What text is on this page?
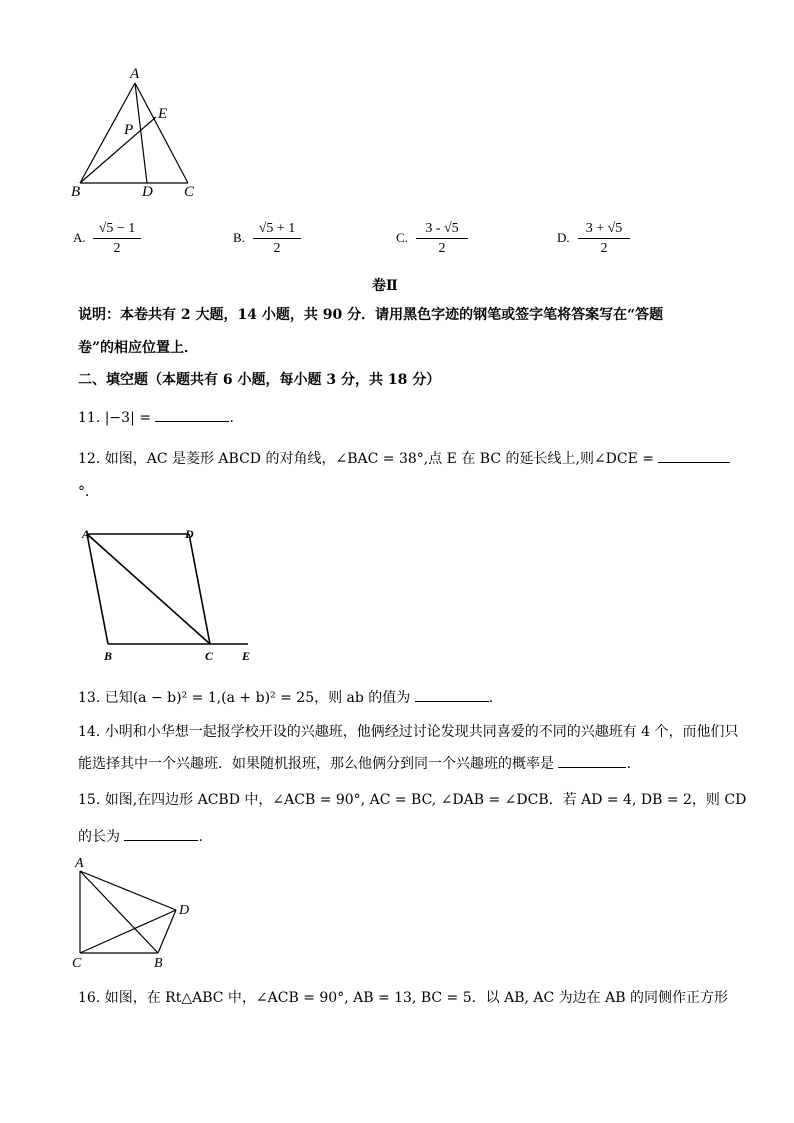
A
B	C
D
E
P
A. $\frac{√5 - 1}{2}$	B. $\frac{√5 + 1}{2}$	C. $\frac{3 - √5}{2}$	D. $\frac{3 + √5}{2}$
卷Ⅱ
说明：本卷共有 2 大题，14 小题，共 90 分．请用黑色字迹的钢笔或签字笔将答案写在“答题
卷”的相应位置上．
二、填空题（本题共有 6 小题，每小题 3 分，共 18 分）
11. |−3| =	.
12. 如图，AC 是菱形 ABCD 的对角线，∠BAC = 38°,点 E 在 BC 的延长线上,则∠DCE =
°．
A	D
B	C E
13. 已知(a − b)² = 1,(a + b)² = 25，则 ab 的值为	.
14. 小明和小华想一起报学校开设的兴趣班，他俩经过讨论发现共同喜爱的不同的兴趣班有 4 个，而他们只
能选择其中一个兴趣班．如果随机报班，那么他俩分到同一个兴趣班的概率是	.
15. 如图,在四边形 ACBD 中，∠ACB = 90°, AC = BC, ∠DAB = ∠DCB．若 AD = 4, DB = 2，则 CD
的长为	.
A
C	B
D
16. 如图，在 Rt△ABC 中，∠ACB = 90°, AB = 13, BC = 5．以 AB, AC 为边在 AB 的同侧作正方形
